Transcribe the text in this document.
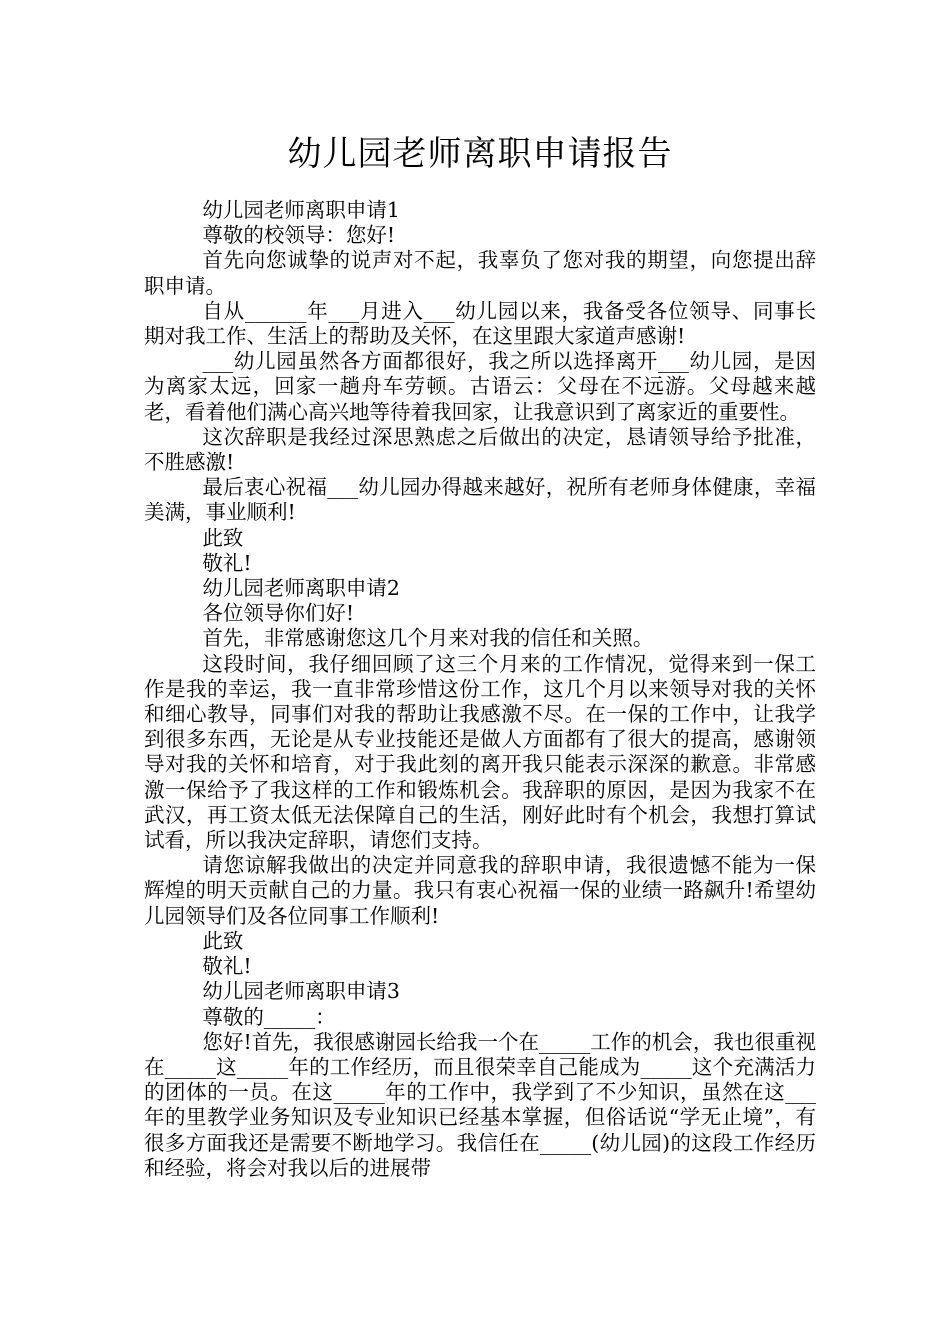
幼儿园老师离职申请报告

幼儿园老师离职申请1

尊敬的校领导：您好!

首先向您诚挚的说声对不起，我辜负了您对我的期望，向您提出辞职申请。

自从______年___月进入___幼儿园以来，我备受各位领导、同事长期对我工作、生活上的帮助及关怀，在这里跟大家道声感谢!

___幼儿园虽然各方面都很好，我之所以选择离开___幼儿园，是因为离家太远，回家一趟舟车劳顿。古语云：父母在不远游。父母越来越老，看着他们满心高兴地等待着我回家，让我意识到了离家近的重要性。

这次辞职是我经过深思熟虑之后做出的决定，恳请领导给予批准，不胜感激!

最后衷心祝福___幼儿园办得越来越好，祝所有老师身体健康，幸福美满，事业顺利!

此致

敬礼!

幼儿园老师离职申请2

各位领导你们好!

首先，非常感谢您这几个月来对我的信任和关照。

这段时间，我仔细回顾了这三个月来的工作情况，觉得来到一保工作是我的幸运，我一直非常珍惜这份工作，这几个月以来领导对我的关怀和细心教导，同事们对我的帮助让我感激不尽。在一保的工作中，让我学到很多东西，无论是从专业技能还是做人方面都有了很大的提高，感谢领导对我的关怀和培育，对于我此刻的离开我只能表示深深的歉意。非常感激一保给予了我这样的工作和锻炼机会。我辞职的原因，是因为我家不在武汉，再工资太低无法保障自己的生活，刚好此时有个机会，我想打算试试看，所以我决定辞职，请您们支持。

请您谅解我做出的决定并同意我的辞职申请，我很遗憾不能为一保辉煌的明天贡献自己的力量。我只有衷心祝福一保的业绩一路飙升!希望幼儿园领导们及各位同事工作顺利!

此致

敬礼!

幼儿园老师离职申请3

尊敬的_____：

您好!首先，我很感谢园长给我一个在_____工作的机会，我也很重视在_____这_____年的工作经历，而且很荣幸自己能成为_____这个充满活力的团体的一员。在这_____年的工作中，我学到了不少知识，虽然在这___年的里教学业务知识及专业知识已经基本掌握，但俗话说“学无止境”，有很多方面我还是需要不断地学习。我信任在_____(幼儿园)的这段工作经历和经验，将会对我以后的进展带
